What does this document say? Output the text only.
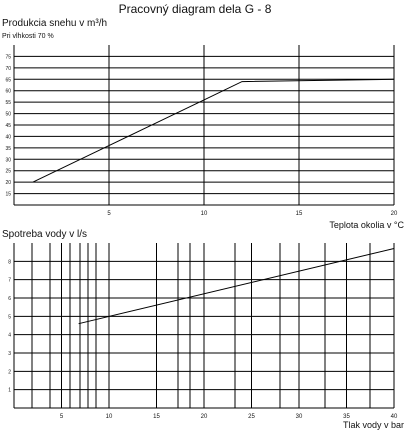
Pracovný diagram dela G - 8
Produkcia snehu v m³/h
Pri vlhkosti 70 %
15
20
25
30
35
40
45
50
55
60
65
70
75
5	10	15	20
Teplota okolia v °C
Spotreba vody v l/s
1
2
3
4
5
6
7
8
5	10	15	20	25	30	35	40
Tlak vody v bar
